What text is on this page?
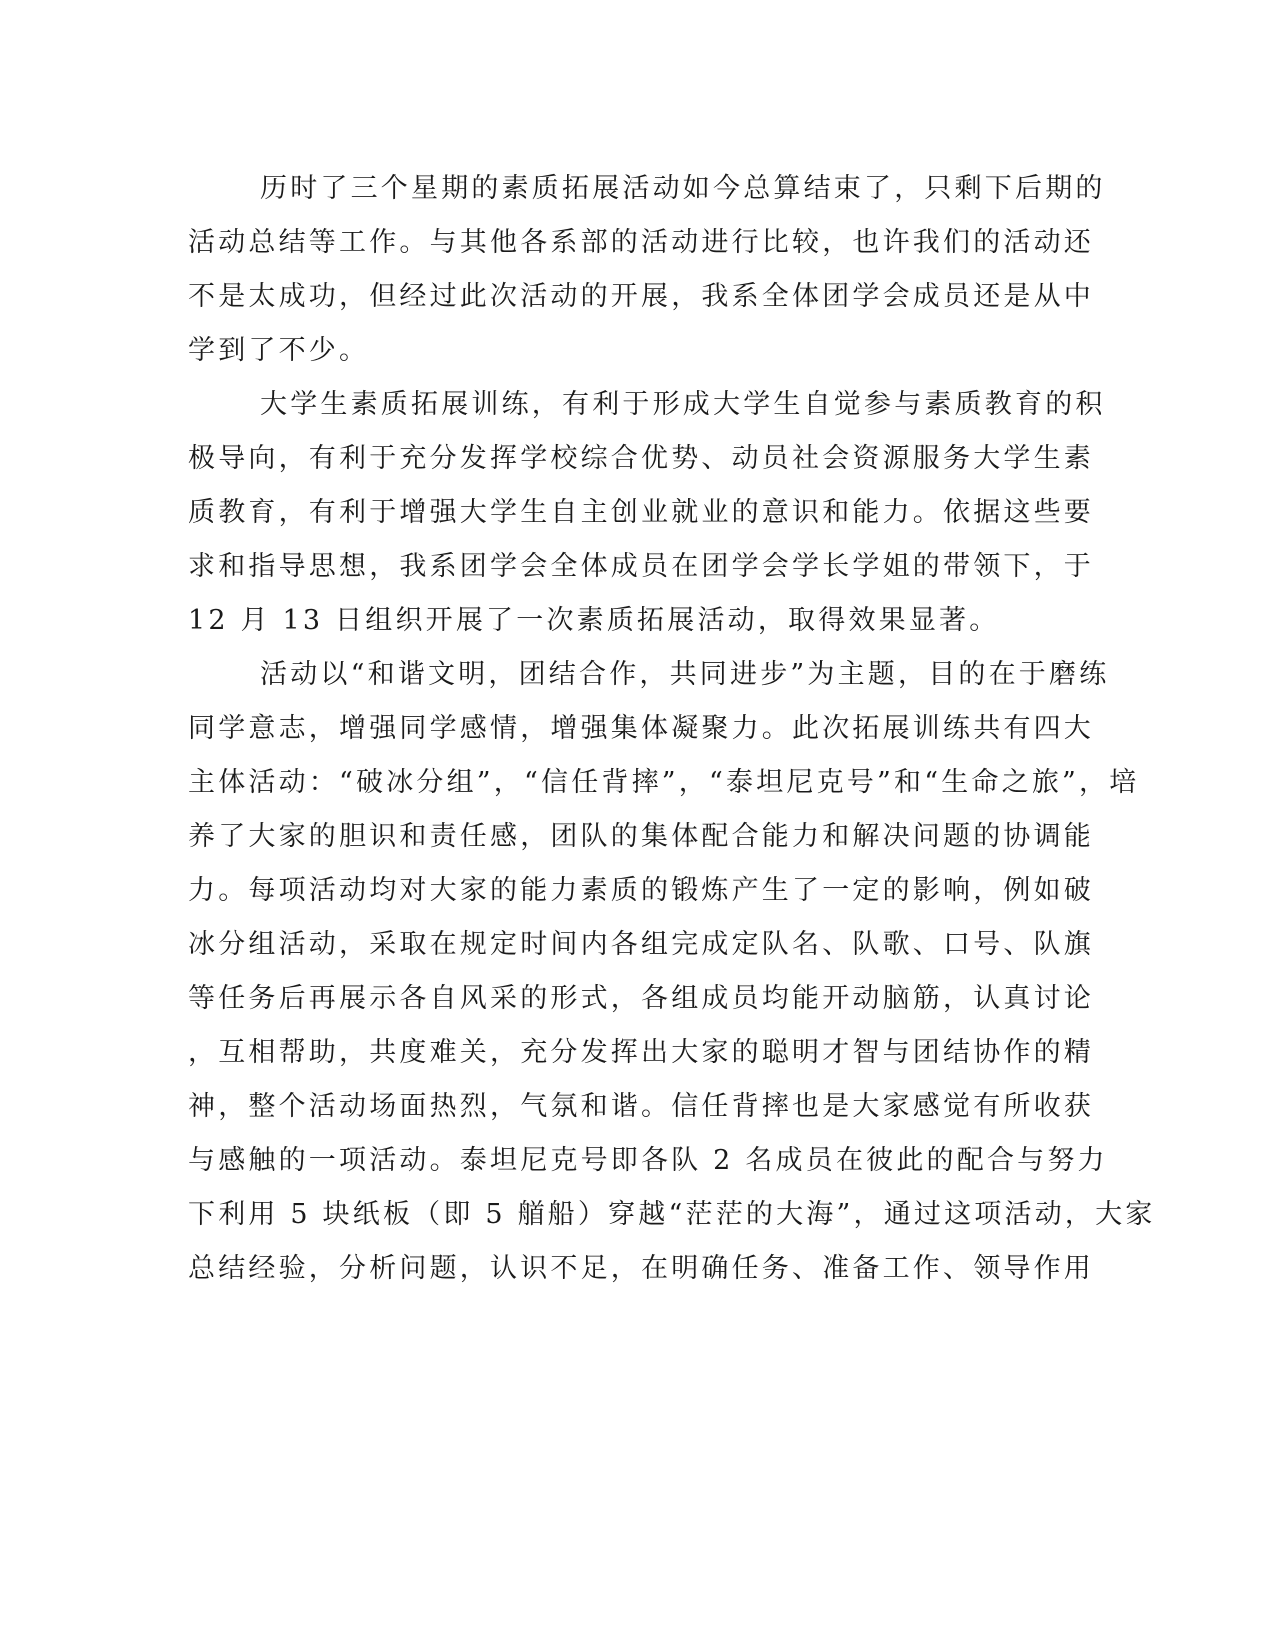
历时了三个星期的素质拓展活动如今总算结束了，只剩下后期的
活动总结等工作。与其他各系部的活动进行比较，也许我们的活动还
不是太成功，但经过此次活动的开展，我系全体团学会成员还是从中
学到了不少。
大学生素质拓展训练，有利于形成大学生自觉参与素质教育的积
极导向，有利于充分发挥学校综合优势、动员社会资源服务大学生素
质教育，有利于增强大学生自主创业就业的意识和能力。依据这些要
求和指导思想，我系团学会全体成员在团学会学长学姐的带领下，于
12 月 13 日组织开展了一次素质拓展活动，取得效果显著。
活动以“和谐文明，团结合作，共同进步”为主题，目的在于磨练
同学意志，增强同学感情，增强集体凝聚力。此次拓展训练共有四大
主体活动：“破冰分组”，“信任背摔”，“泰坦尼克号”和“生命之旅”，培
养了大家的胆识和责任感，团队的集体配合能力和解决问题的协调能
力。每项活动均对大家的能力素质的锻炼产生了一定的影响，例如破
冰分组活动，采取在规定时间内各组完成定队名、队歌、口号、队旗
等任务后再展示各自风采的形式，各组成员均能开动脑筋，认真讨论
，互相帮助，共度难关，充分发挥出大家的聪明才智与团结协作的精
神，整个活动场面热烈，气氛和谐。信任背摔也是大家感觉有所收获
与感触的一项活动。泰坦尼克号即各队 2 名成员在彼此的配合与努力
下利用 5 块纸板（即 5 艏船）穿越“茫茫的大海”，通过这项活动，大家
总结经验，分析问题，认识不足，在明确任务、准备工作、领导作用
